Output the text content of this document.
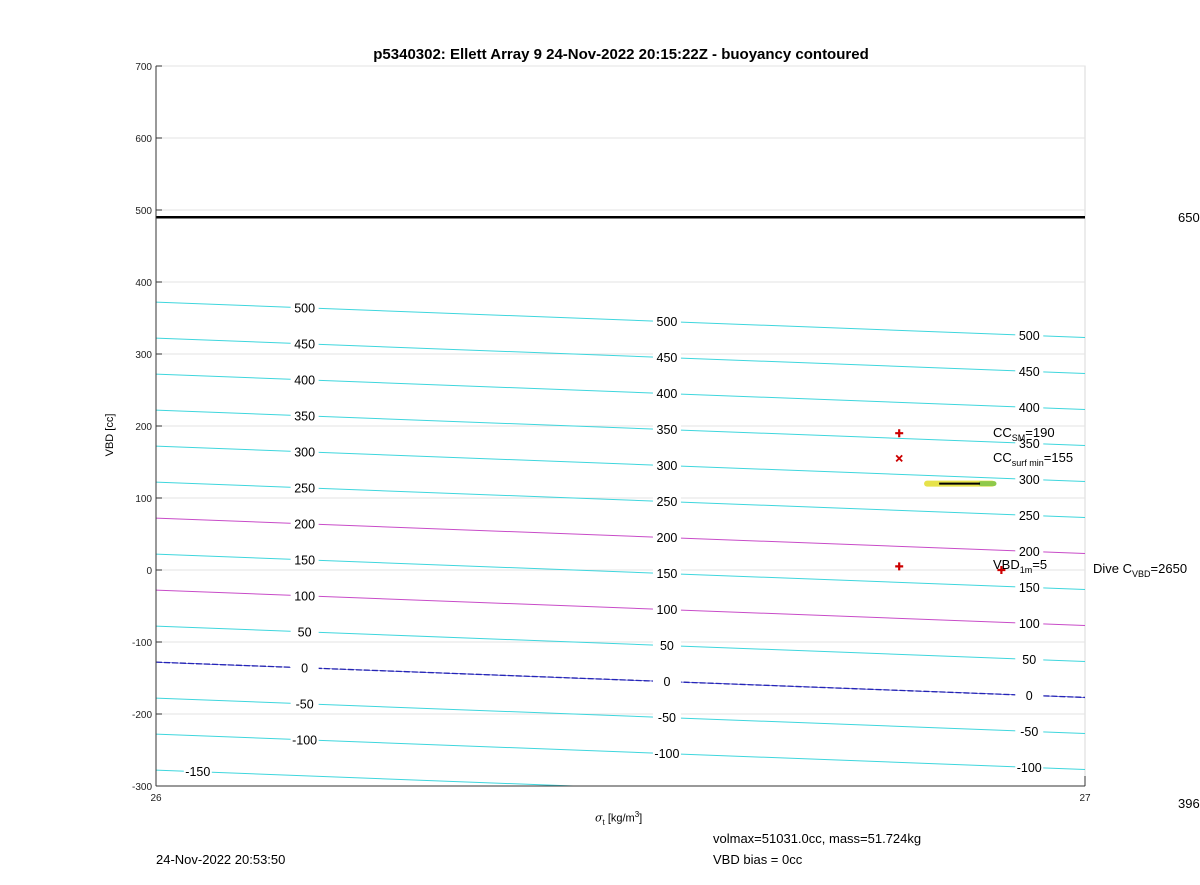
500
500
500
450
450
450
400
400
400
350
350
350
300
300
300
250
250
250
200
200
200
150
150
150
100
100
100
50
50
50
0
0
0
-50
-50
-50
-100
-100
-100
-150
700
600
500
400
300
200
100
0
-100
-200
-300
26	27
$CC_{SM}=190$
$CC_{surf min}=155$
$VBD_{1m}=5$	Dive $C_{VBD}=2650$
p5340302: Ellett Array 9 24-Nov-2022 20:15:22Z - buoyancy contoured
VBD [cc]
$\sigma_t$ $[kg/m^3]$
650
396
24-Nov-2022 20:53:50
volmax=51031.0cc, mass=51.724kg
VBD bias = 0cc
